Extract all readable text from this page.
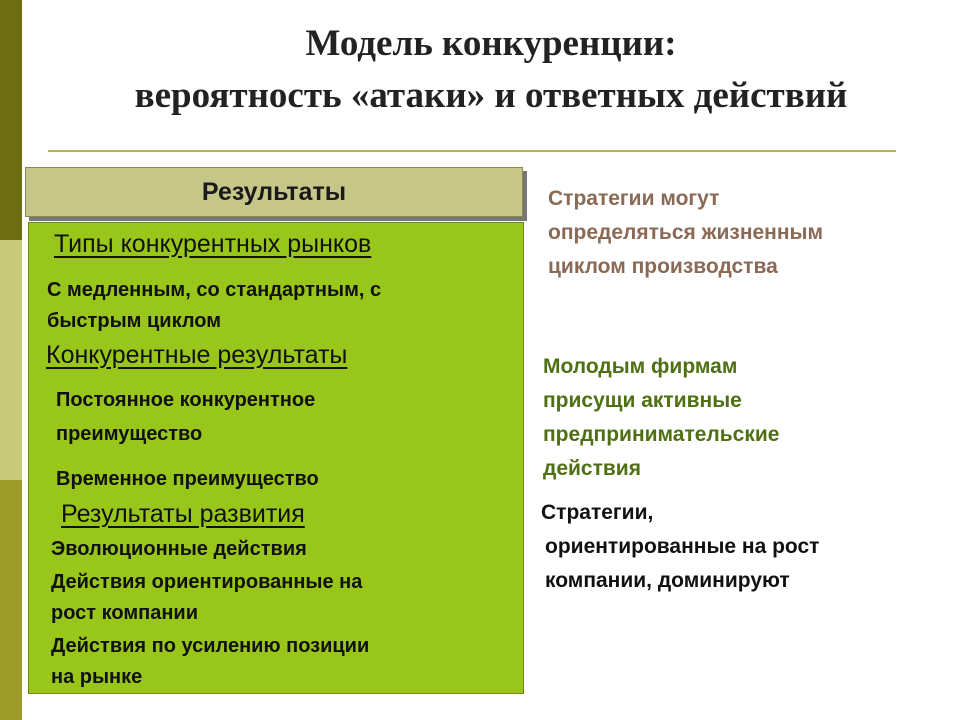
Модель конкуренции:
вероятность «атаки» и ответных действий
Результаты
Типы конкурентных рынков
С медленным, со стандартным, с
быстрым циклом
Конкурентные результаты
Постоянное конкурентное
преимущество
Временное преимущество
Результаты развития
Эволюционные действия
Действия ориентированные на
рост компании
Действия по усилению позиции
на рынке
Стратегии могут
определяться жизненным
циклом производства
Молодым фирмам
присущи активные
предпринимательские
действия
Стратегии,
ориентированные на рост
компании, доминируют
